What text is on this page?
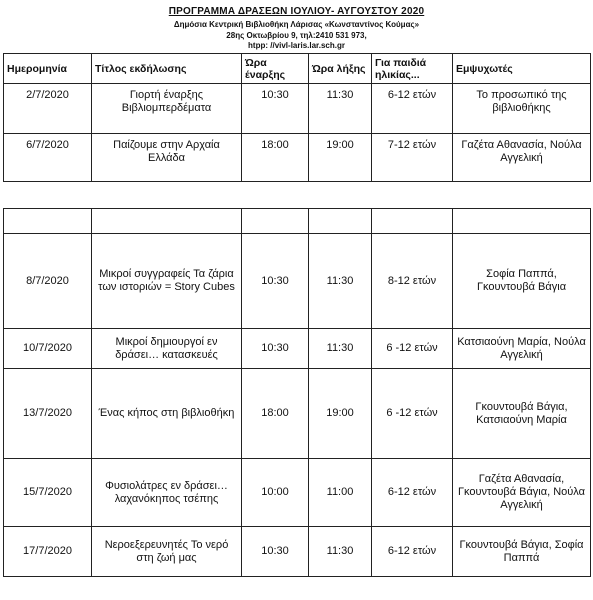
ΠΡΟΓΡΑΜΜΑ ΔΡΑΣΕΩΝ ΙΟΥΛΙΟΥ- ΑΥΓΟΥΣΤΟΥ 2020
Δημόσια Κεντρική Βιβλιοθήκη Λάρισας «Κωνσταντίνος Κούμας»
28ης Οκτωβρίου 9, τηλ:2410 531 973,
htpp: //vivl-laris.lar.sch.gr
Ημερομηνία	Τίτλος εκδήλωσης	Ώρα έναρξης	Ώρα λήξης	Για παιδιά ηλικίας...	Εμψυχωτές
2/7/2020	Γιορτή έναρξης Βιβλιομπερδέματα	10:30	11:30	6-12 ετών	Το προσωπικό της βιβλιοθήκης
6/7/2020	Παίζουμε στην Αρχαία Ελλάδα	18:00	19:00	7-12 ετών	Γαζέτα Αθανασία, Νούλα Αγγελική

8/7/2020	Μικροί συγγραφείς Τα ζάρια των ιστοριών = Story Cubes	10:30	11:30	8-12 ετών	Σοφία Παππά, Γκουντουβά Βάγια
10/7/2020	Μικροί δημιουργοί εν δράσει… κατασκευές	10:30	11:30	6 -12 ετών	Κατσιαούνη Μαρία, Νούλα Αγγελική
13/7/2020	Ένας κήπος στη βιβλιοθήκη	18:00	19:00	6 -12 ετών	Γκουντουβά Βάγια, Κατσιαούνη Μαρία
15/7/2020	Φυσιολάτρες εν δράσει… λαχανόκηπος τσέπης	10:00	11:00	6-12 ετών	Γαζέτα Αθανασία, Γκουντουβά Βάγια, Νούλα Αγγελική
17/7/2020	Νεροεξερευνητές Το νερό στη ζωή μας	10:30	11:30	6-12 ετών	Γκουντουβά Βάγια, Σοφία Παππά
